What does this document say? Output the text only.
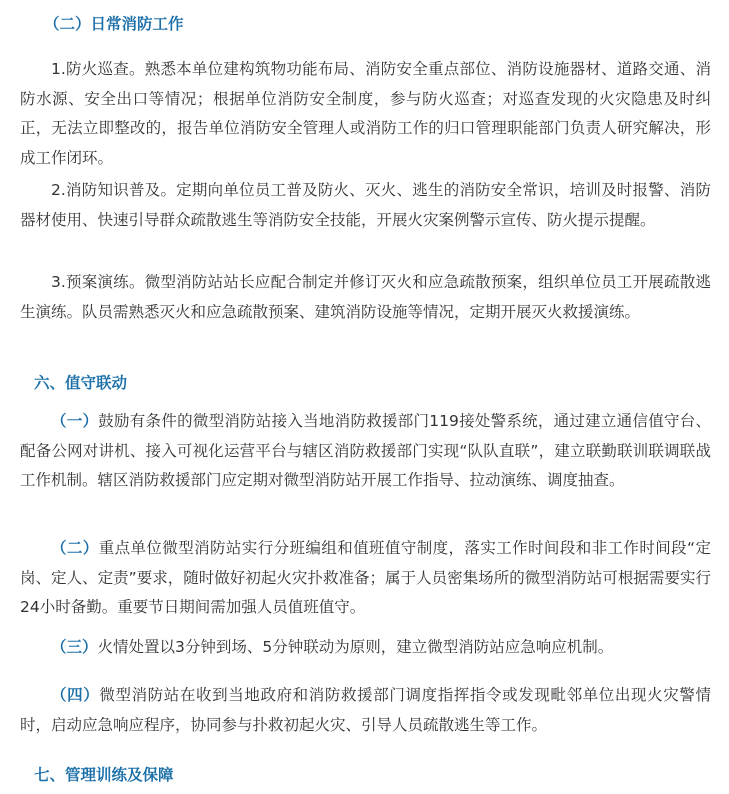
（二）日常消防工作

1.防火巡查。熟悉本单位建构筑物功能布局、消防安全重点部位、消防设施器材、道路交通、消防水源、安全出口等情况；根据单位消防安全制度，参与防火巡查；对巡查发现的火灾隐患及时纠正，无法立即整改的，报告单位消防安全管理人或消防工作的归口管理职能部门负责人研究解决，形成工作闭环。

2.消防知识普及。定期向单位员工普及防火、灭火、逃生的消防安全常识，培训及时报警、消防器材使用、快速引导群众疏散逃生等消防安全技能，开展火灾案例警示宣传、防火提示提醒。

3.预案演练。微型消防站站长应配合制定并修订灭火和应急疏散预案，组织单位员工开展疏散逃生演练。队员需熟悉灭火和应急疏散预案、建筑消防设施等情况，定期开展灭火救援演练。

六、值守联动

（一）鼓励有条件的微型消防站接入当地消防救援部门119接处警系统，通过建立通信值守台、配备公网对讲机、接入可视化运营平台与辖区消防救援部门实现“队队直联”，建立联勤联训联调联战工作机制。辖区消防救援部门应定期对微型消防站开展工作指导、拉动演练、调度抽查。

（二）重点单位微型消防站实行分班编组和值班值守制度，落实工作时间段和非工作时间段“定岗、定人、定责”要求，随时做好初起火灾扑救准备；属于人员密集场所的微型消防站可根据需要实行24小时备勤。重要节日期间需加强人员值班值守。

（三）火情处置以3分钟到场、5分钟联动为原则，建立微型消防站应急响应机制。

（四）微型消防站在收到当地政府和消防救援部门调度指挥指令或发现毗邻单位出现火灾警情时，启动应急响应程序，协同参与扑救初起火灾、引导人员疏散逃生等工作。

七、管理训练及保障
